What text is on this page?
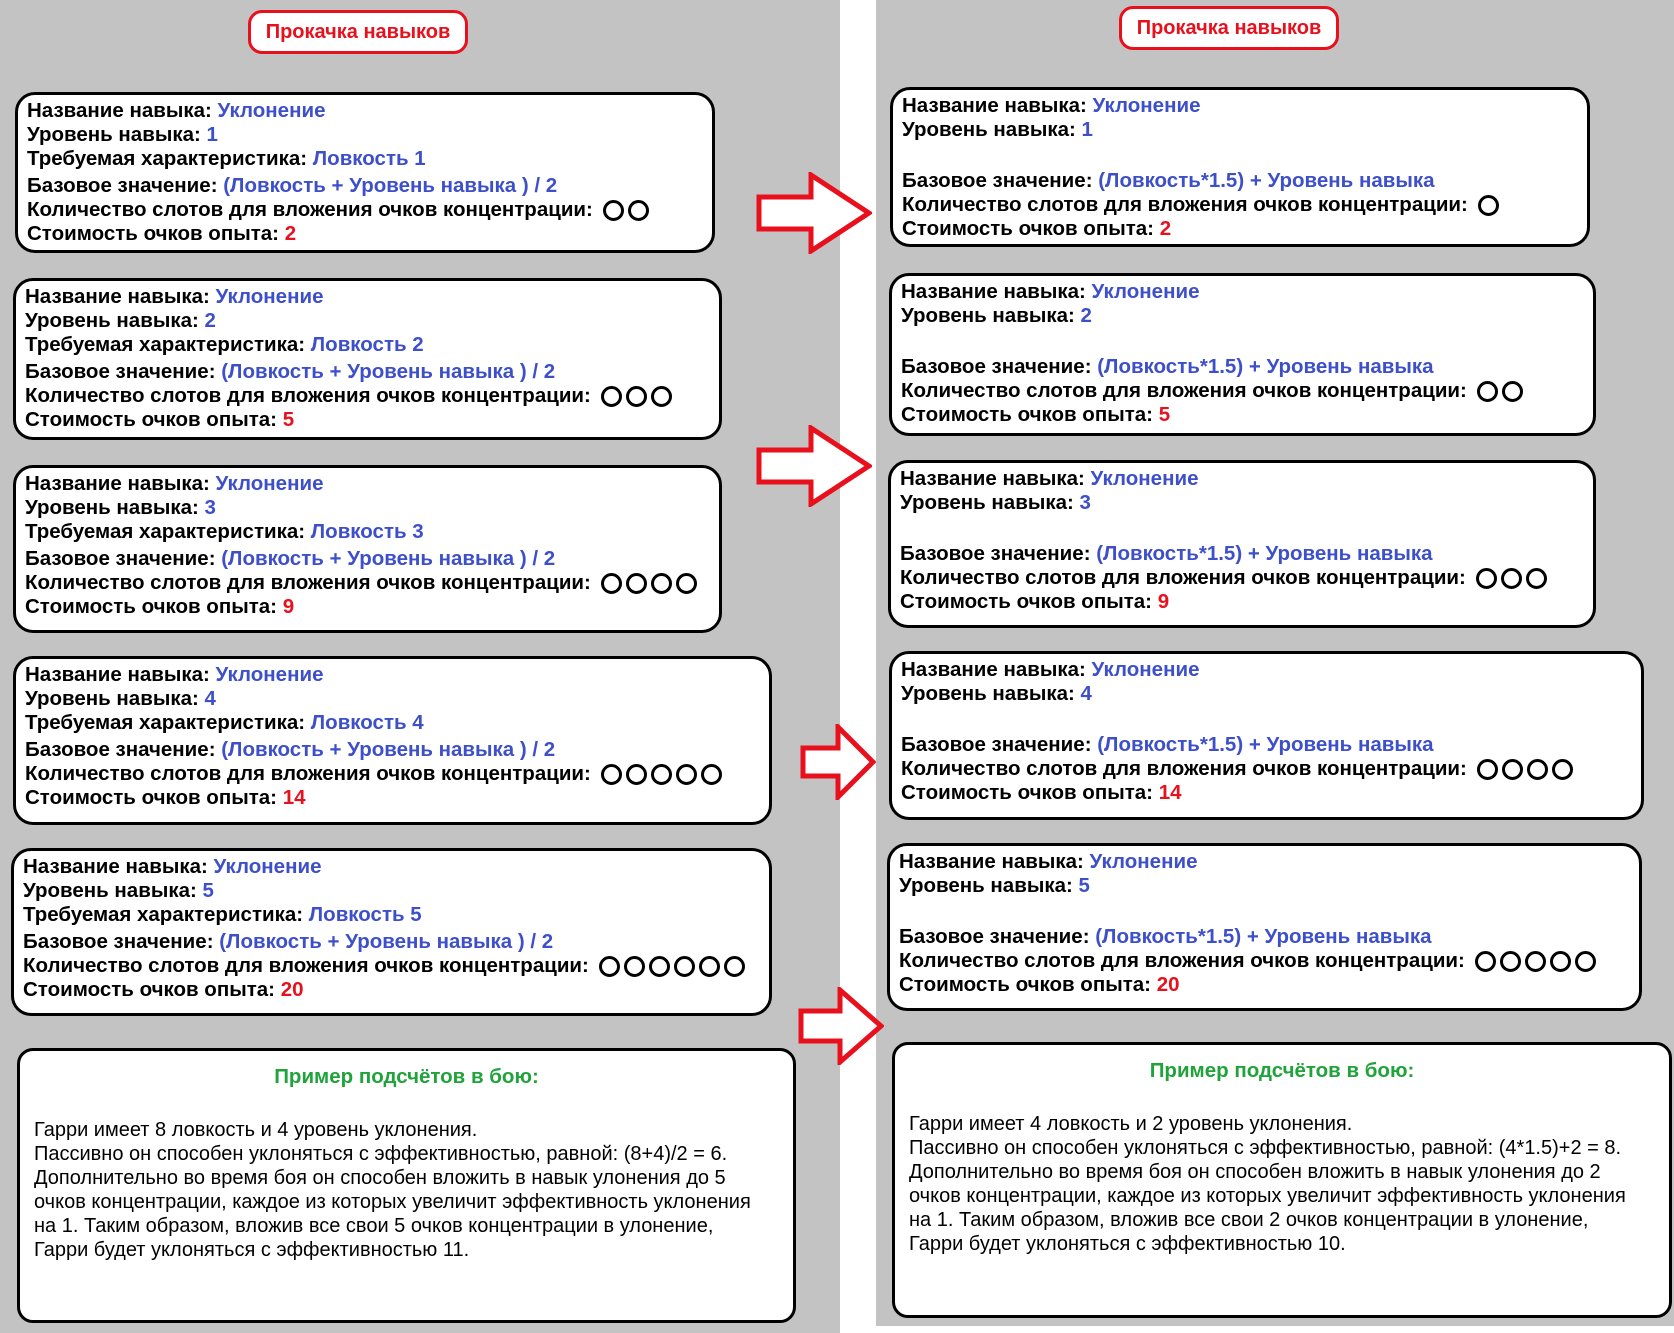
Прокачка навыков
Название навыка:
Уклонение
Уровень навыка:
1
Требуемая характеристика:
Ловкость 1
Базовое значение:
(Ловкость + Уровень навыка ) / 2
Количество слотов для вложения очков концентрации:
Стоимость очков опыта:
2
Название навыка:
Уклонение
Уровень навыка:
2
Требуемая характеристика:
Ловкость 2
Базовое значение:
(Ловкость + Уровень навыка ) / 2
Количество слотов для вложения очков концентрации:
Стоимость очков опыта:
5
Название навыка:
Уклонение
Уровень навыка:
3
Требуемая характеристика:
Ловкость 3
Базовое значение:
(Ловкость + Уровень навыка ) / 2
Количество слотов для вложения очков концентрации:
Стоимость очков опыта:
9
Название навыка:
Уклонение
Уровень навыка:
4
Требуемая характеристика:
Ловкость 4
Базовое значение:
(Ловкость + Уровень навыка ) / 2
Количество слотов для вложения очков концентрации:
Стоимость очков опыта:
14
Название навыка:
Уклонение
Уровень навыка:
5
Требуемая характеристика:
Ловкость 5
Базовое значение:
(Ловкость + Уровень навыка ) / 2
Количество слотов для вложения очков концентрации:
Стоимость очков опыта:
20
Пример подсчётов в бою:
Гарри имеет 8 ловкость и 4 уровень уклонения.
Пассивно он способен уклоняться с эффективностью, равной: (8+4)/2 = 6.
Дополнительно во время боя он способен вложить в навык улонения до 5
очков концентрации, каждое из которых увеличит эффективность уклонения
на 1. Таким образом, вложив все свои 5 очков концентрации в улонение,
Гарри будет уклоняться с эффективностью 11.
Прокачка навыков
Название навыка:
Уклонение
Уровень навыка:
1
Базовое значение:
(Ловкость*1.5) + Уровень навыка
Количество слотов для вложения очков концентрации:
Стоимость очков опыта:
2
Название навыка:
Уклонение
Уровень навыка:
2
Базовое значение:
(Ловкость*1.5) + Уровень навыка
Количество слотов для вложения очков концентрации:
Стоимость очков опыта:
5
Название навыка:
Уклонение
Уровень навыка:
3
Базовое значение:
(Ловкость*1.5) + Уровень навыка
Количество слотов для вложения очков концентрации:
Стоимость очков опыта:
9
Название навыка:
Уклонение
Уровень навыка:
4
Базовое значение:
(Ловкость*1.5) + Уровень навыка
Количество слотов для вложения очков концентрации:
Стоимость очков опыта:
14
Название навыка:
Уклонение
Уровень навыка:
5
Базовое значение:
(Ловкость*1.5) + Уровень навыка
Количество слотов для вложения очков концентрации:
Стоимость очков опыта:
20
Пример подсчётов в бою:
Гарри имеет 4 ловкость и 2 уровень уклонения.
Пассивно он способен уклоняться с эффективностью, равной: (4*1.5)+2 = 8.
Дополнительно во время боя он способен вложить в навык улонения до 2
очков концентрации, каждое из которых увеличит эффективность уклонения
на 1. Таким образом, вложив все свои 2 очков концентрации в улонение,
Гарри будет уклоняться с эффективностью 10.
